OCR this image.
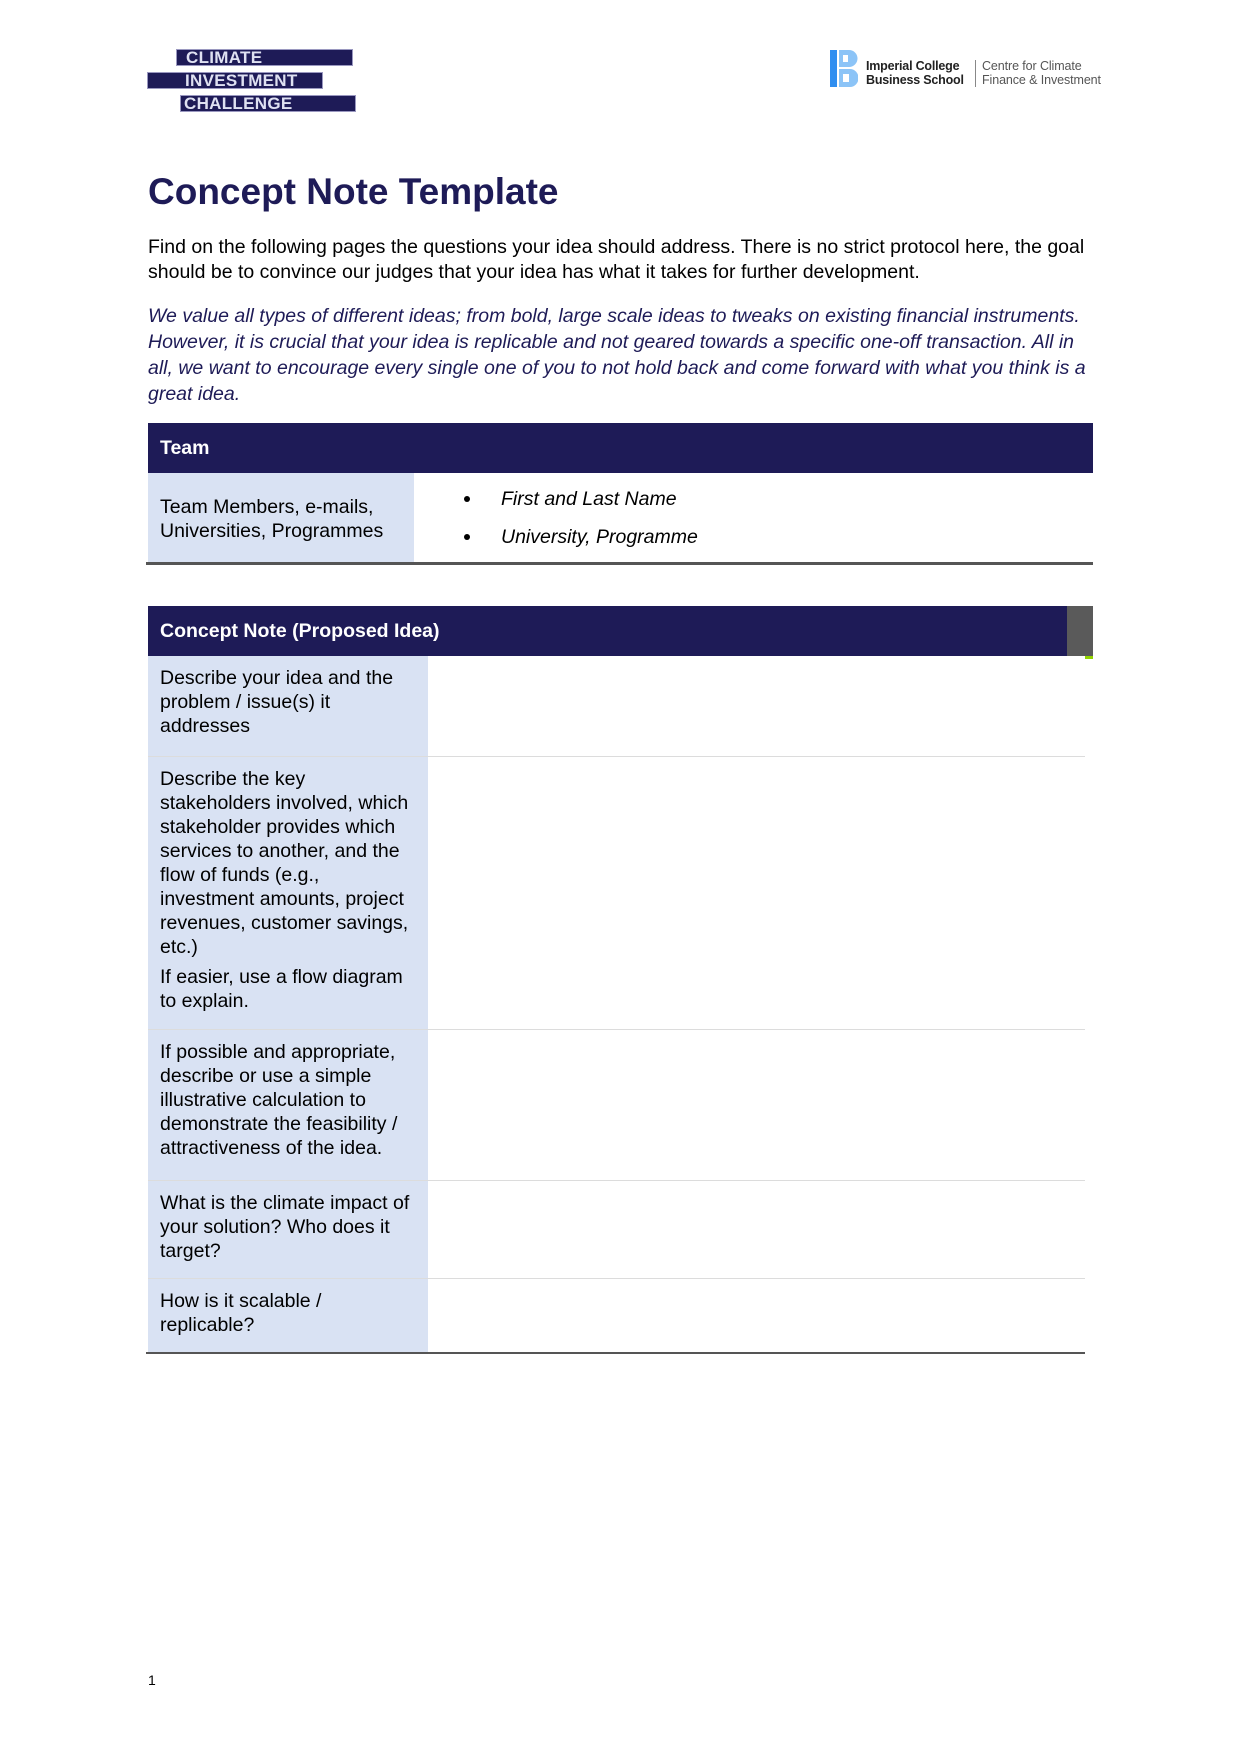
CLIMATE
INVESTMENT
CHALLENGE
Imperial College
Business School
Centre for Climate
Finance & Investment
Concept Note Template

Find on the following pages the questions your idea should address. There is no strict protocol here, the goal should be to convince our judges that your idea has what it takes for further development.

We value all types of different ideas; from bold, large scale ideas to tweaks on existing financial instruments. However, it is crucial that your idea is replicable and not geared towards a specific one-off transaction. All in all, we want to encourage every single one of you to not hold back and come forward with what you think is a great idea.

Team
Team Members, e-mails, Universities, Programmes
First and Last Name
University, Programme
Concept Note (Proposed Idea)

Describe your idea and the problem / issue(s) it addresses

Describe the key stakeholders involved, which stakeholder provides which services to another, and the flow of funds (e.g., investment amounts, project revenues, customer savings, etc.)

If easier, use a flow diagram to explain.

If possible and appropriate, describe or use a simple illustrative calculation to demonstrate the feasibility / attractiveness of the idea.

What is the climate impact of your solution? Who does it target?

How is it scalable / replicable?

1
